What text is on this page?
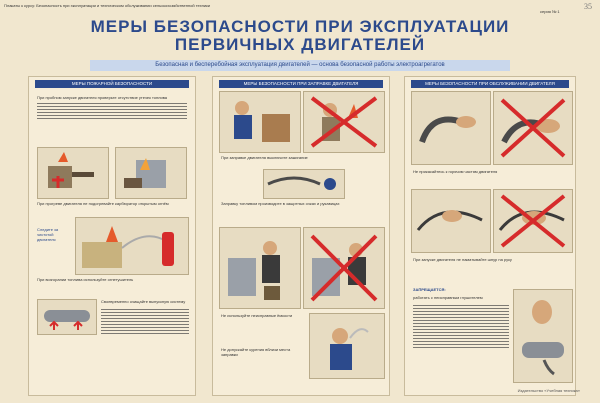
Плакаты к курсу: Безопасность при эксплуатации и техническом обслуживании сельскохозяйственной техники
серия № 1
35
МЕРЫ БЕЗОПАСНОСТИ ПРИ ЭКСПЛУАТАЦИИ
ПЕРВИЧНЫХ ДВИГАТЕЛЕЙ
Безопасная и бесперебойная эксплуатация двигателей — основа безопасной работы электроагрегатов
МЕРЫ ПОЖАРНОЙ БЕЗОПАСНОСТИ
При пробном запуске двигателя проверьте отсутствие утечек топлива
При прогреве двигателя не подогревайте карбюратор открытым огнём
Следите за чистотой двигателя
При возгорании топлива используйте огнетушитель
Своевременно очищайте выпускную систему
МЕРЫ БЕЗОПАСНОСТИ ПРИ ЗАПРАВКЕ ДВИГАТЕЛЯ
При заправке двигателя выключите зажигание
Заправку топливом производите в защитных очках и рукавицах
Не используйте неисправные ёмкости
Не допускайте курения вблизи места заправки
МЕРЫ БЕЗОПАСНОСТИ ПРИ ОБСЛУЖИВАНИИ ДВИГАТЕЛЯ
Не прикасайтесь к горячим частям двигателя
При запуске двигателя не наматывайте шнур на руку
ЗАПРЕЩАЕТСЯ:
работать с неисправным глушителем
Издательство «Учебная техника»
